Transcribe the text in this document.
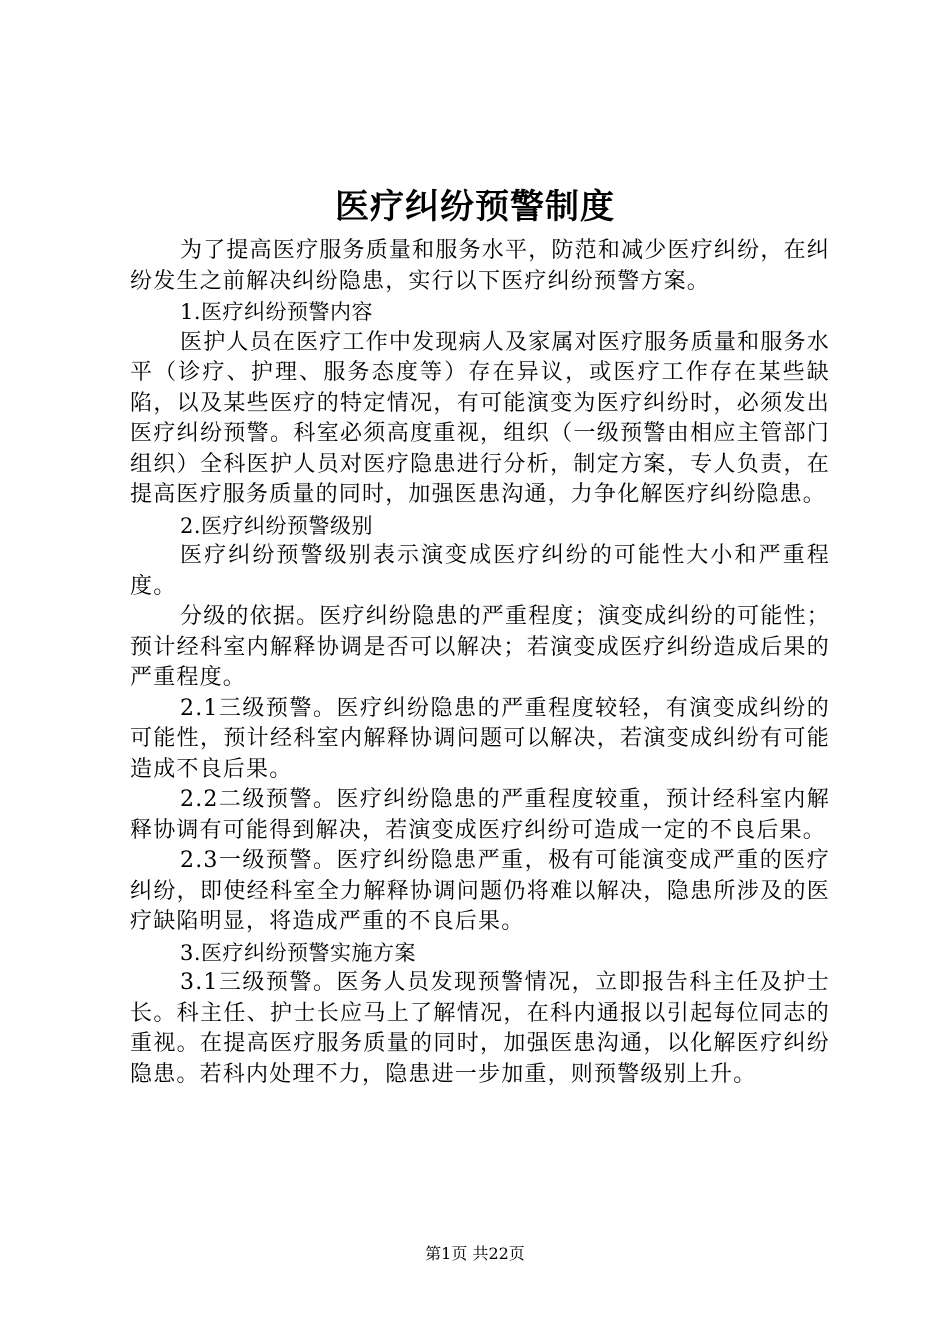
医疗纠纷预警制度

为了提高医疗服务质量和服务水平，防范和减少医疗纠纷，在纠纷发生之前解决纠纷隐患，实行以下医疗纠纷预警方案。

1.医疗纠纷预警内容

医护人员在医疗工作中发现病人及家属对医疗服务质量和服务水平（诊疗、护理、服务态度等）存在异议，或医疗工作存在某些缺陷，以及某些医疗的特定情况，有可能演变为医疗纠纷时，必须发出医疗纠纷预警。科室必须高度重视，组织（一级预警由相应主管部门组织）全科医护人员对医疗隐患进行分析，制定方案，专人负责，在提高医疗服务质量的同时，加强医患沟通，力争化解医疗纠纷隐患。

2.医疗纠纷预警级别

医疗纠纷预警级别表示演变成医疗纠纷的可能性大小和严重程度。

分级的依据。医疗纠纷隐患的严重程度；演变成纠纷的可能性；预计经科室内解释协调是否可以解决；若演变成医疗纠纷造成后果的严重程度。

2.1三级预警。医疗纠纷隐患的严重程度较轻，有演变成纠纷的可能性，预计经科室内解释协调问题可以解决，若演变成纠纷有可能造成不良后果。

2.2二级预警。医疗纠纷隐患的严重程度较重，预计经科室内解释协调有可能得到解决，若演变成医疗纠纷可造成一定的不良后果。

2.3一级预警。医疗纠纷隐患严重，极有可能演变成严重的医疗纠纷，即使经科室全力解释协调问题仍将难以解决，隐患所涉及的医疗缺陷明显，将造成严重的不良后果。

3.医疗纠纷预警实施方案

3.1三级预警。医务人员发现预警情况，立即报告科主任及护士长。科主任、护士长应马上了解情况，在科内通报以引起每位同志的重视。在提高医疗服务质量的同时，加强医患沟通，以化解医疗纠纷隐患。若科内处理不力，隐患进一步加重，则预警级别上升。

第1页 共22页
